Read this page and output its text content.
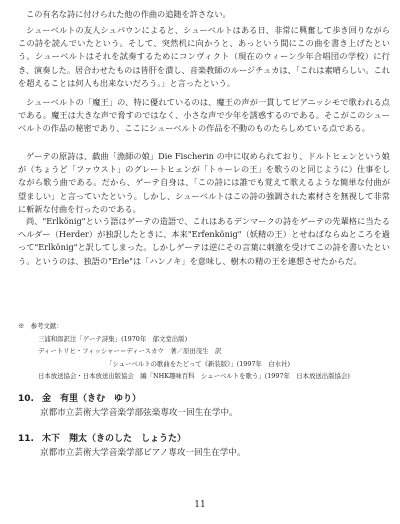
この有名な詩に付けられた他の作曲の追随を許さない。

シューベルトの友人シュパウンによると、シューベルトはある日、非常に興奮して歩き回りながらこの詩を読んでいたという。そして、突然机に向かうと、あっという間にこの曲を書き上げたという。シューベルトはそれを試奏するためにコンヴィクト（現在のウィーン少年合唱団の学校）に行き、演奏した。居合わせたものは皆肝を潰し、音楽教師のルージチュカは、「これは素晴らしい。これを超えることは何人も出来ないだろう。」と言ったという。

シューベルトの「魔王」の、特に優れているのは、魔王の声が一貫してピアニッシモで歌われる点である。魔王は大きな声で脅すのではなく、小さな声で少年を誘惑するのである。そこがこのシューベルトの作品の秘密であり、ここにシューベルトの作品を不動のものたらしめている点である。

ゲーテの原詩は、戯曲「漁師の娘」Die Fischerin の中に収められており、ドルトヒェンという娘が（ちょうど「ファウスト」のグレートヒェンが「トゥーレの王」を歌うのと同じように）仕事をしながら歌う曲である。だから、ゲーテ自身は、「この詩には誰でも覚えて歌えるような簡単な付曲が望ましい」と言っていたという。しかし、シューベルトはこの詩の強調された素材さを無視して非常に斬新な付曲を行ったのである。

尚、"Erlkönig"という語はゲーテの造語で、これはあるデンマークの詩をゲーテの先輩格に当たるヘルダー（Herder）が独訳したときに、本来"Erfenkönig"（妖精の王）とせねばならぬところを過って"Erlkönig"と訳してしまった。しかしゲーテは逆にその言葉に刺激を受けてこの詩を書いたという。というのは、独語の"Erle"は「ハンノキ」を意味し、樹木の精の王を連想させたからだ。

※　参考文献：
三浦和郎訳注「ゲーテ詩集」(1970年　郁文堂出版)
ディートリヒ・フィッシャー＝ディースカウ　著／原田茂生　訳
「シューベルトの歌曲をたどって《新装版》」(1997年　白水社)
日本放送協会・日本放送出版協会　編「NHK趣味百科　シューベルトを歌う」(1997年　日本放送出版協会)
10. 金　有里（きむ　ゆり）
京都市立芸術大学音楽学部弦楽専攻一回生在学中。
11. 木下　翔太（きのした　しょうた）
京都市立芸術大学音楽学部ピアノ専攻一回生在学中。
11
